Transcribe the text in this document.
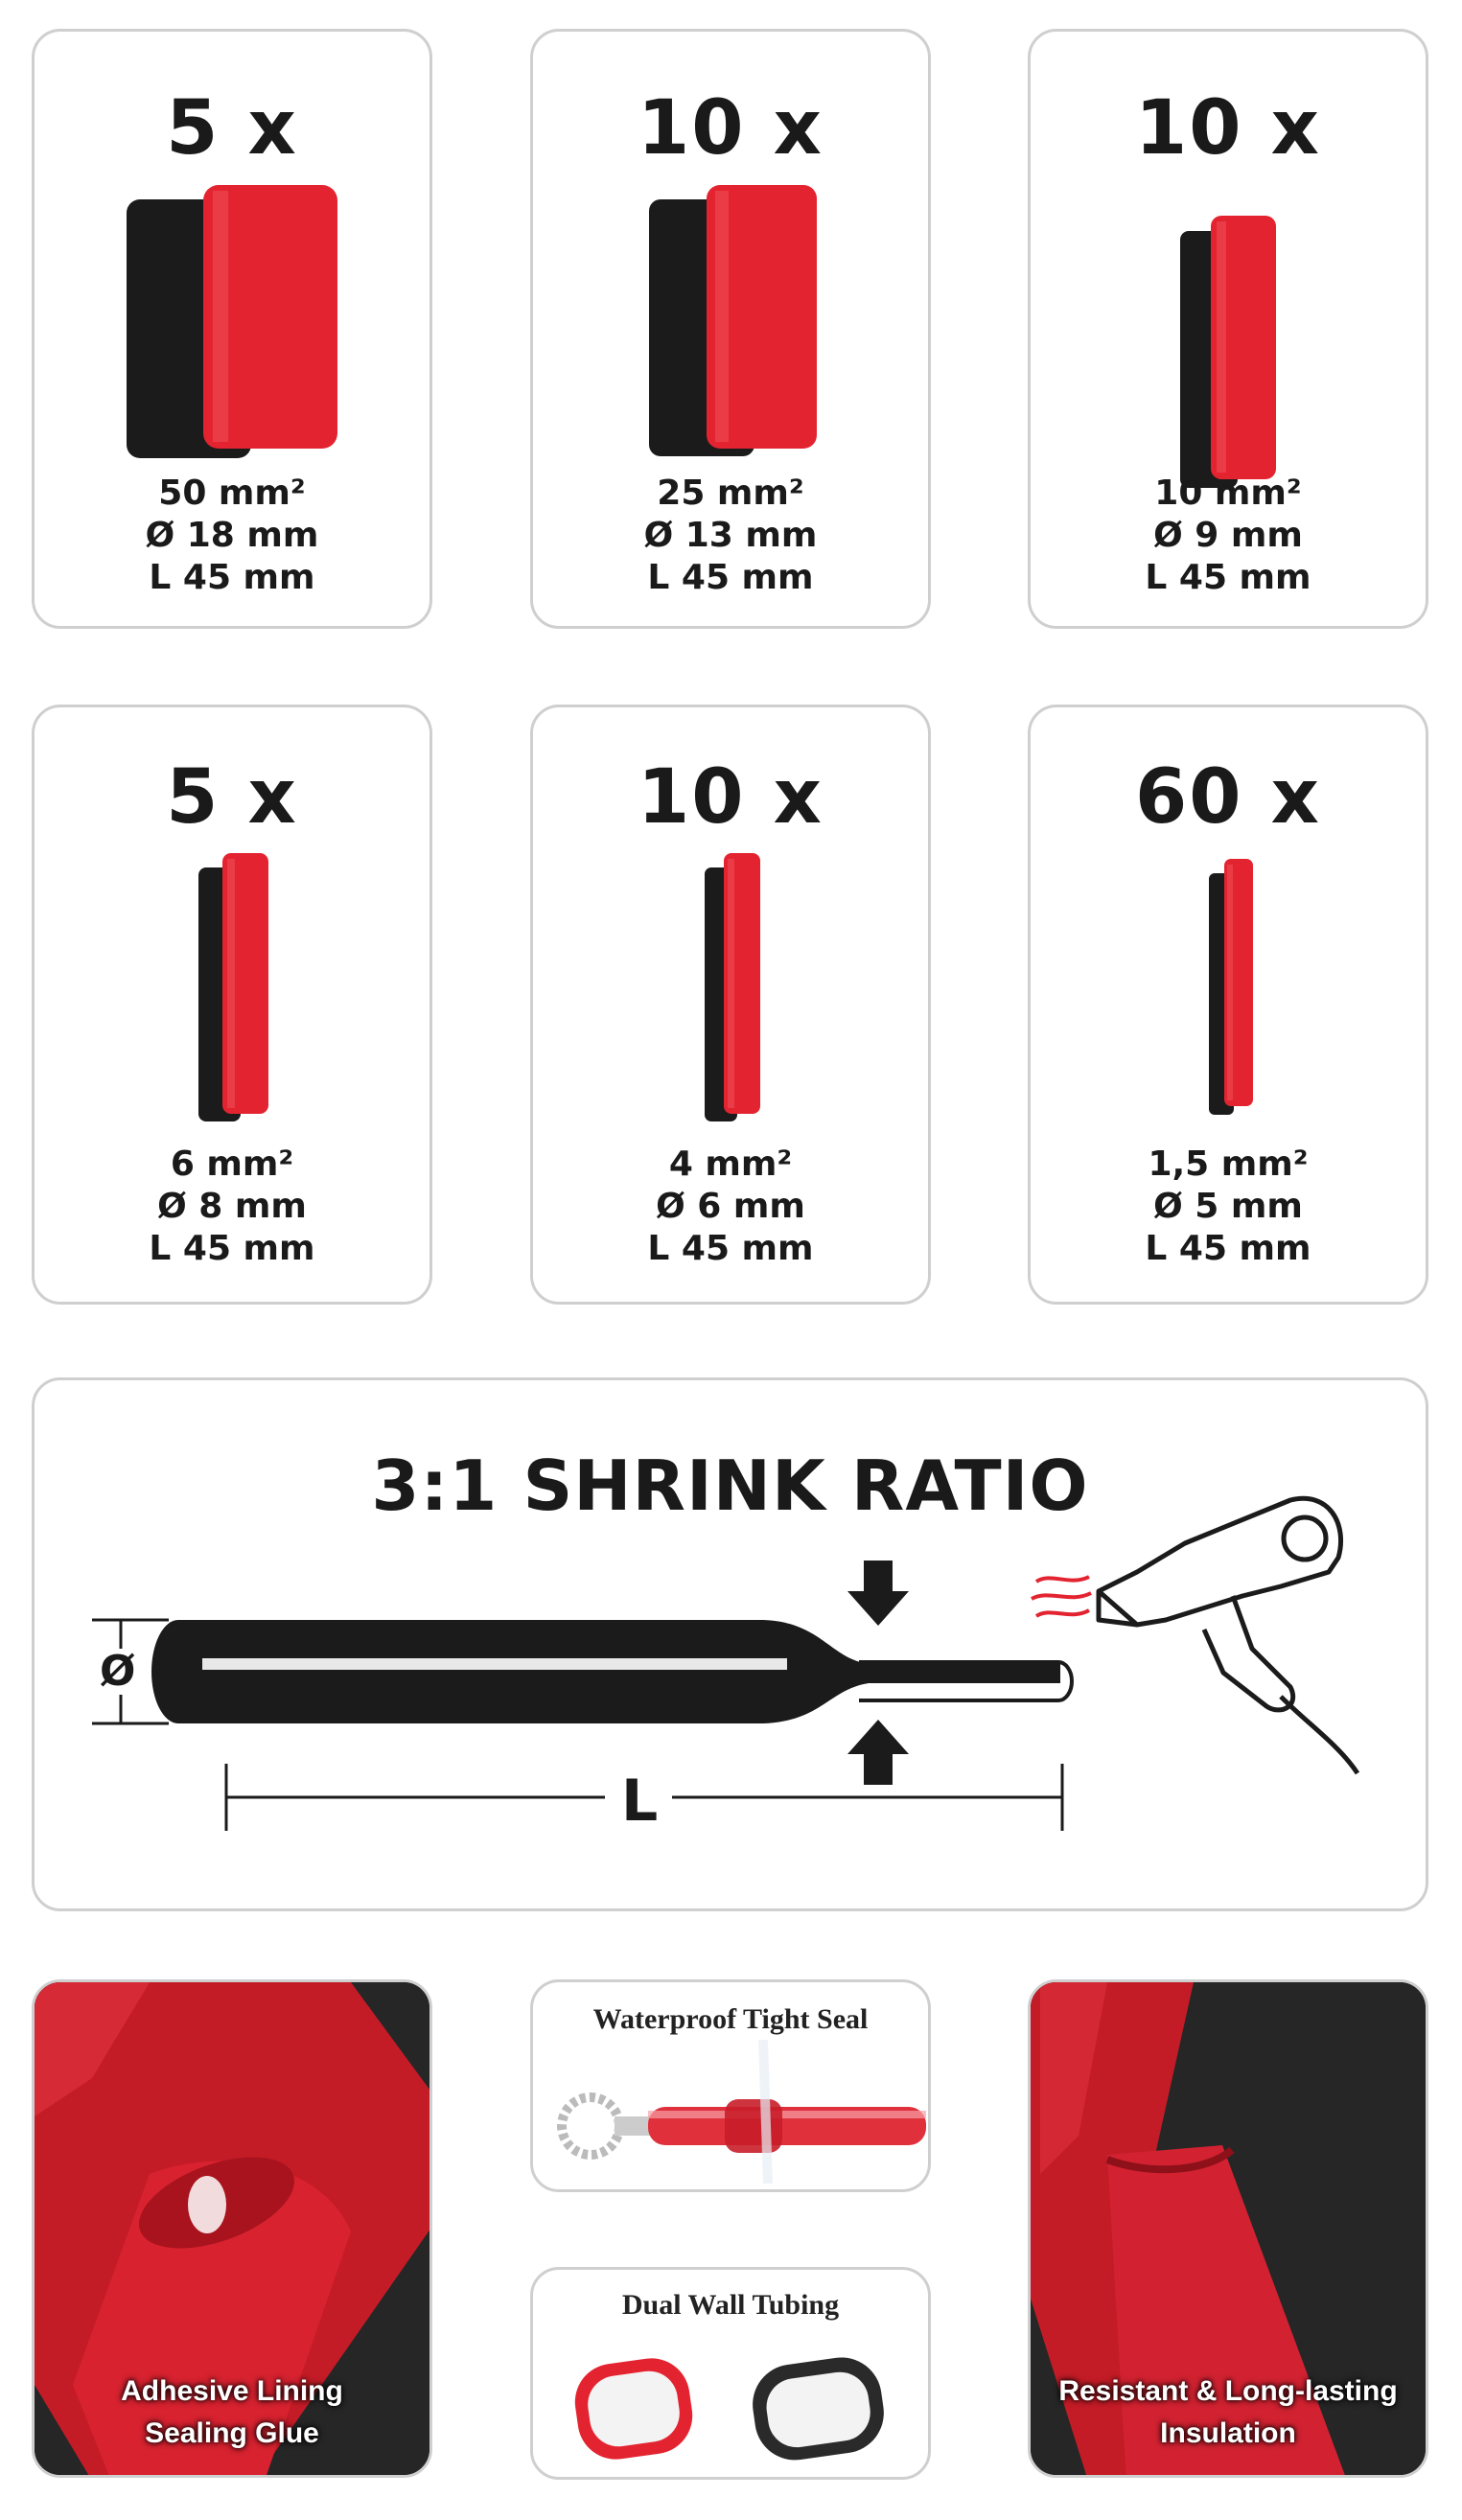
5 x
50 mm²
Ø 18 mm
L 45 mm
10 x
25 mm²
Ø 13 mm
L 45 mm
10 x
10 mm²
Ø 9 mm
L 45 mm
5 x
6 mm²
Ø 8 mm
L 45 mm
10 x
4 mm²
Ø 6 mm
L 45 mm
60 x
1,5 mm²
Ø 5 mm
L 45 mm
3:1 SHRINK RATIO
Ø
L
Adhesive Lining
Sealing Glue
Waterproof Tight Seal
Dual Wall Tubing
Resistant & Long-lasting
Insulation
